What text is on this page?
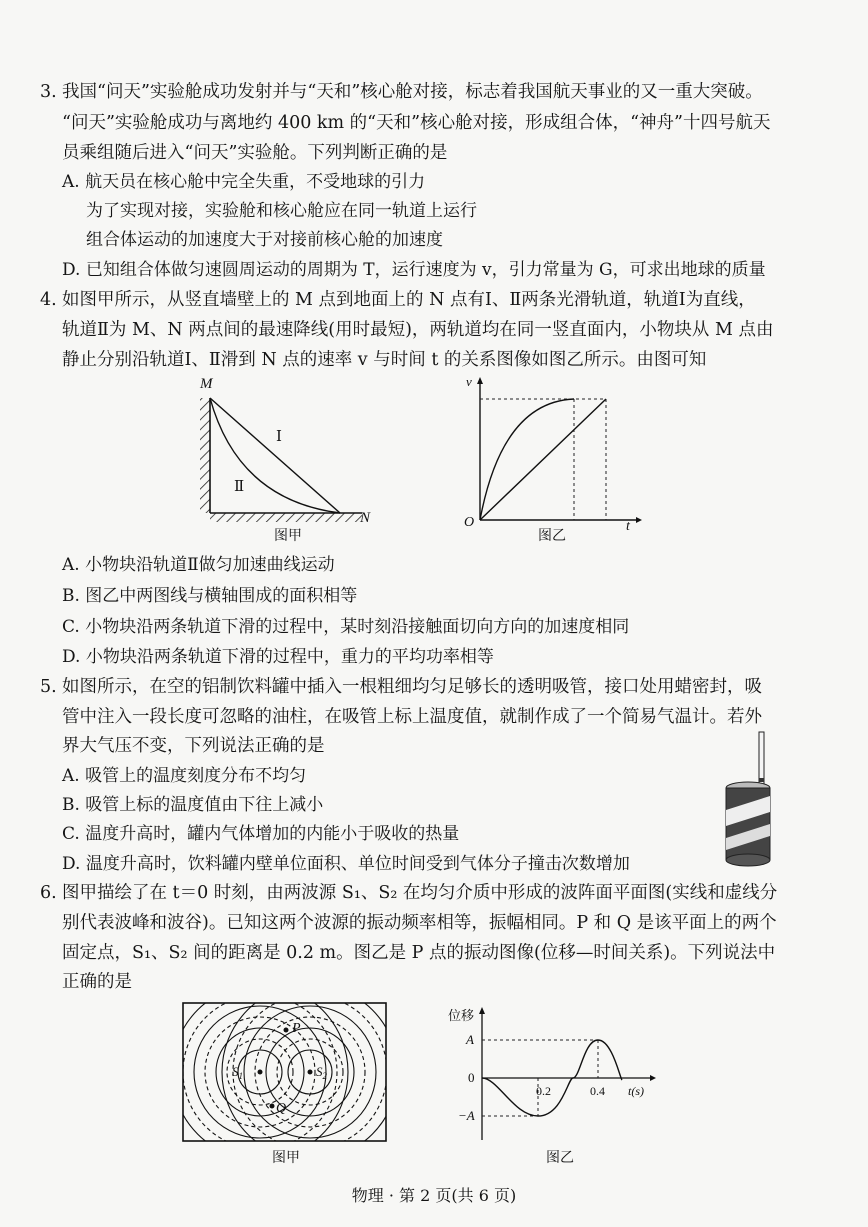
3. 我国“问天”实验舱成功发射并与“天和”核心舱对接，标志着我国航天事业的又一重大突破。
“问天”实验舱成功与离地约 400 km 的“天和”核心舱对接，形成组合体，“神舟”十四号航天
员乘组随后进入“问天”实验舱。下列判断正确的是
A. 航天员在核心舱中完全失重，不受地球的引力
为了实现对接，实验舱和核心舱应在同一轨道上运行
组合体运动的加速度大于对接前核心舱的加速度
D. 已知组合体做匀速圆周运动的周期为 T，运行速度为 v，引力常量为 G，可求出地球的质量
4. 如图甲所示，从竖直墙壁上的 M 点到地面上的 N 点有Ⅰ、Ⅱ两条光滑轨道，轨道Ⅰ为直线，
轨道Ⅱ为 M、N 两点间的最速降线(用时最短)，两轨道均在同一竖直面内，小物块从 M 点由
静止分别沿轨道Ⅰ、Ⅱ滑到 N 点的速率 v 与时间 t 的关系图像如图乙所示。由图可知
M
N
Ⅰ
Ⅱ
图甲
v
O	t
图乙
A. 小物块沿轨道Ⅱ做匀加速曲线运动
B. 图乙中两图线与横轴围成的面积相等
C. 小物块沿两条轨道下滑的过程中，某时刻沿接触面切向方向的加速度相同
D. 小物块沿两条轨道下滑的过程中，重力的平均功率相等
5. 如图所示，在空的铝制饮料罐中插入一根粗细均匀足够长的透明吸管，接口处用蜡密封，吸
管中注入一段长度可忽略的油柱，在吸管上标上温度值，就制作成了一个简易气温计。若外
界大气压不变，下列说法正确的是
A. 吸管上的温度刻度分布不均匀
B. 吸管上标的温度值由下往上减小
C. 温度升高时，罐内气体增加的内能小于吸收的热量
D. 温度升高时，饮料罐内壁单位面积、单位时间受到气体分子撞击次数增加
6. 图甲描绘了在 t＝0 时刻，由两波源 S₁、S₂ 在均匀介质中形成的波阵面平面图(实线和虚线分
别代表波峰和波谷)。已知这两个波源的振动频率相等，振幅相同。P 和 Q 是该平面上的两个
固定点，S₁、S₂ 间的距离是 0.2 m。图乙是 P 点的振动图像(位移—时间关系)。下列说法中
正确的是
P
Q
$S_1$	$S_2$
图甲
位移
A
0
−A
0.2	0.4 t(s)
图乙
物理 · 第 2 页(共 6 页)
